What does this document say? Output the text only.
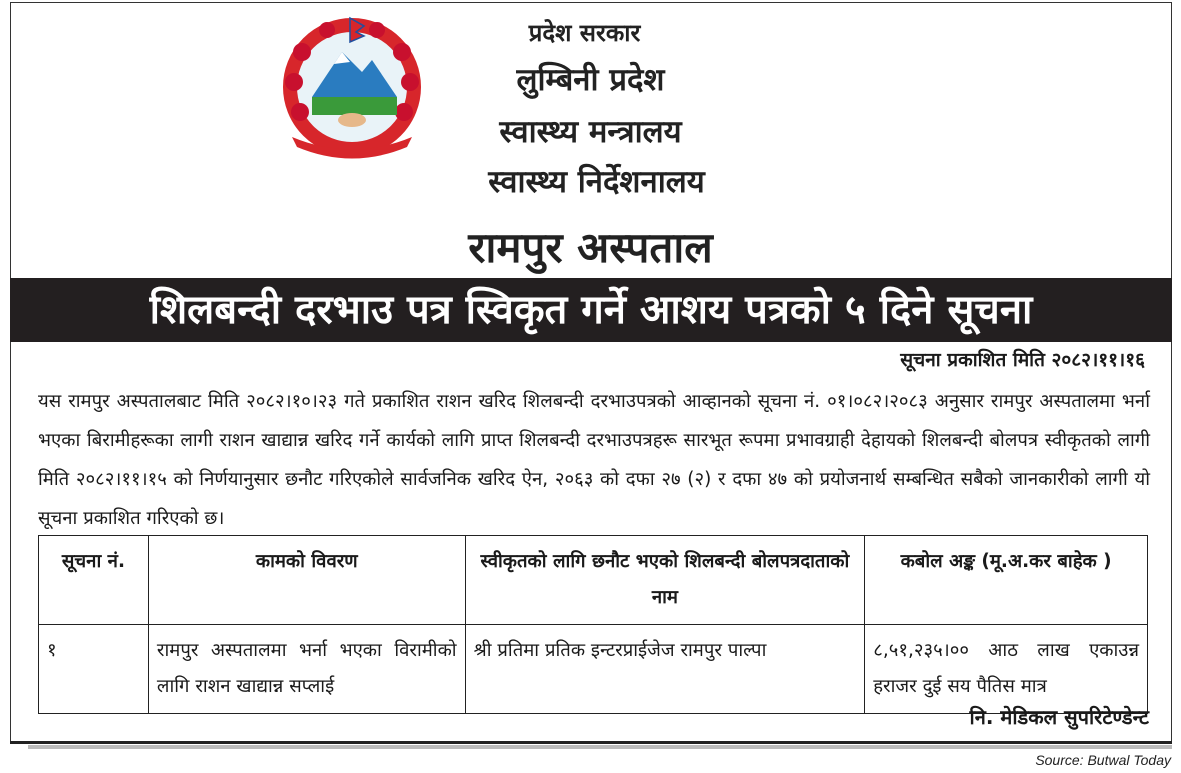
प्रदेश सरकार
लुम्बिनी प्रदेश
स्वास्थ्य मन्त्रालय
स्वास्थ्य निर्देशनालय
रामपुर अस्पताल
शिलबन्दी दरभाउ पत्र स्विकृत गर्ने आशय पत्रको ५ दिने सूचना
सूचना प्रकाशित मिति २०८२।११।१६
यस रामपुर अस्पतालबाट मिति २०८२।१०।२३ गते प्रकाशित राशन खरिद शिलबन्दी दरभाउपत्रको आव्हानको सूचना नं. ०१।०८२।२०८३ अनुसार रामपुर अस्पतालमा भर्ना भएका बिरामीहरूका लागी राशन खाद्यान्न खरिद गर्ने कार्यको लागि प्राप्त शिलबन्दी दरभाउपत्रहरू सारभूत रूपमा प्रभावग्राही देहायको शिलबन्दी बोलपत्र स्वीकृतको लागी मिति २०८२।११।१५ को निर्णयानुसार छनौट गरिएकोले सार्वजनिक खरिद ऐन, २०६३ को दफा २७ (२) र दफा ४७ को प्रयोजनार्थ सम्बन्धित सबैको जानकारीको लागी यो सूचना प्रकाशित गरिएको छ।
सूचना नं.	कामको विवरण	स्वीकृतको लागि छनौट भएको शिलबन्दी बोलपत्रदाताको नाम	कबोल अङ्क (मू.अ.कर बाहेक )
१	रामपुर अस्पतालमा भर्ना भएका विरामीको लागि राशन खाद्यान्न सप्लाई	श्री प्रतिमा प्रतिक इन्टरप्राईजेज रामपुर पाल्पा	८,५१,२३५।०० आठ लाख एकाउन्न हराजर दुई सय पैतिस मात्र
नि. मेडिकल सुपरिटेण्डेन्ट
Source: Butwal Today
